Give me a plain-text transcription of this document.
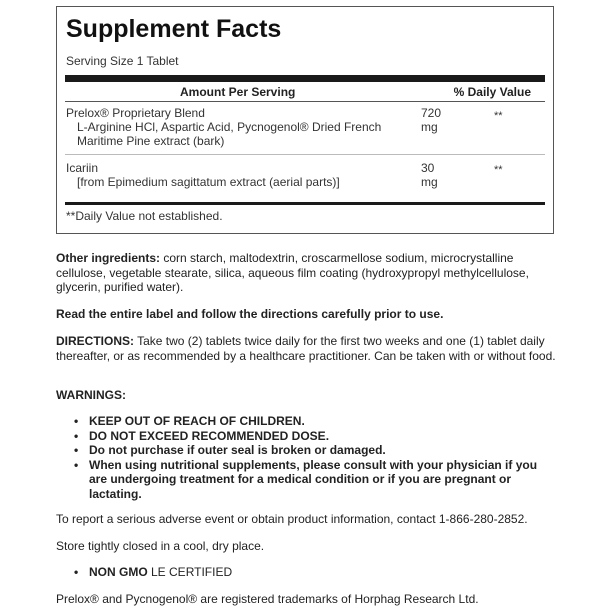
Supplement Facts
Serving Size 1 Tablet
Amount Per Serving	% Daily Value
Prelox® Proprietary Blend
L-Arginine HCl, Aspartic Acid, Pycnogenol® Dried French
Maritime Pine extract (bark)
720
mg
**
Icariin
[from Epimedium sagittatum extract (aerial parts)]
30
mg
**
**Daily Value not established.
Other ingredients: corn starch, maltodextrin, croscarmellose sodium, microcrystalline cellulose, vegetable stearate, silica, aqueous film coating (hydroxypropyl methylcellulose, glycerin, purified water).
Read the entire label and follow the directions carefully prior to use.
DIRECTIONS: Take two (2) tablets twice daily for the first two weeks and one (1) tablet daily thereafter, or as recommended by a healthcare practitioner. Can be taken with or without food.
WARNINGS:
• KEEP OUT OF REACH OF CHILDREN.
• DO NOT EXCEED RECOMMENDED DOSE.
• Do not purchase if outer seal is broken or damaged.
• When using nutritional supplements, please consult with your physician if you are undergoing treatment for a medical condition or if you are pregnant or lactating.
To report a serious adverse event or obtain product information, contact 1-866-280-2852.
Store tightly closed in a cool, dry place.
• NON GMO LE CERTIFIED
Prelox® and Pycnogenol® are registered trademarks of Horphag Research Ltd.
